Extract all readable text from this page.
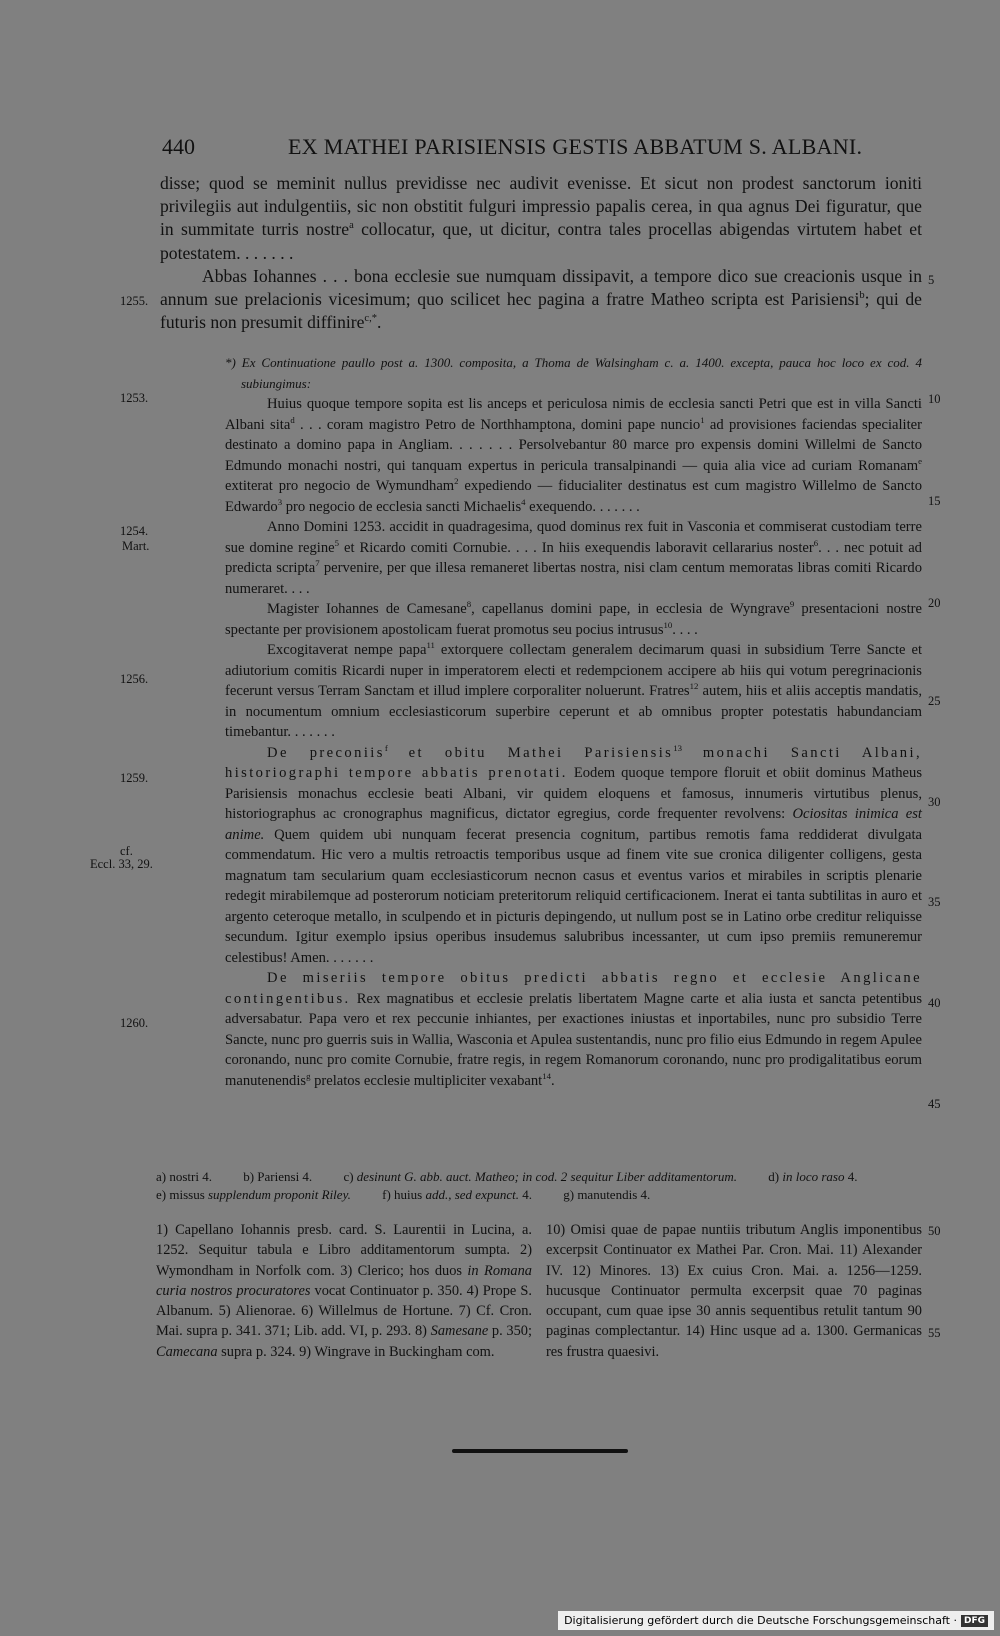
440	EX MATHEI PARISIENSIS GESTIS ABBATUM S. ALBANI.

disse; quod se meminit nullus previdisse nec audivit evenisse. Et sicut non prodest sanctorum ioniti privilegiis aut indulgentiis, sic non obstitit fulguri impressio papalis cerea, in qua agnus Dei figuratur, que in summitate turris nostre$^a$ collocatur, que, ut dicitur, contra tales procellas abigendas virtutem habet et potestatem. . . . . . .

Abbas Iohannes . . . bona ecclesie sue numquam dissipavit, a tempore dico sue creacionis usque in annum sue prelacionis vicesimum; quo scilicet hec pagina a fratre Matheo scripta est Parisiensi$^b$; qui de futuris non presumit diffinire$^{c,*}$.

1255.
1253.
1254.
Mart.
1256.
1259.
cf.
Eccl. 33, 29.
1260.
5
10
15
20
25
30
35
40
45
50
55

*) Ex Continuatione paullo post a. 1300. composita, a Thoma de Walsingham c. a. 1400. excepta, pauca hoc loco ex cod. 4 subiungimus:

Huius quoque tempore sopita est lis anceps et periculosa nimis de ecclesia sancti Petri que est in villa Sancti Albani sita$^d$ . . . coram magistro Petro de Northhamptona, domini pape nuncio$^1$ ad provisiones faciendas specialiter destinato a domino papa in Angliam. . . . . . . Persolvebantur 80 marce pro expensis domini Willelmi de Sancto Edmundo monachi nostri, qui tanquam expertus in pericula transalpinandi — quia alia vice ad curiam Romanam$^e$ extiterat pro negocio de Wymundham$^2$ expediendo — fiducialiter destinatus est cum magistro Willelmo de Sancto Edwardo$^3$ pro negocio de ecclesia sancti Michaelis$^4$ exequendo. . . . . . .

Anno Domini 1253. accidit in quadragesima, quod dominus rex fuit in Vasconia et commiserat custodiam terre sue domine regine$^5$ et Ricardo comiti Cornubie. . . . In hiis exequendis laboravit cellararius noster$^6$. . . nec potuit ad predicta scripta$^7$ pervenire, per que illesa remaneret libertas nostra, nisi clam centum memoratas libras comiti Ricardo numeraret. . . .

Magister Iohannes de Camesane$^8$, capellanus domini pape, in ecclesia de Wyngrave$^9$ presentacioni nostre spectante per provisionem apostolicam fuerat promotus seu pocius intrusus$^{10}$. . . .

Excogitaverat nempe papa$^{11}$ extorquere collectam generalem decimarum quasi in subsidium Terre Sancte et adiutorium comitis Ricardi nuper in imperatorem electi et redempcionem accipere ab hiis qui votum peregrinacionis fecerunt versus Terram Sanctam et illud implere corporaliter noluerunt. Fratres$^{12}$ autem, hiis et aliis acceptis mandatis, in nocumentum omnium ecclesiasticorum superbire ceperunt et ab omnibus propter potestatis habundanciam timebantur. . . . . . .

De preconiis$^f$ et obitu Mathei Parisiensis$^{13}$ monachi Sancti Albani, historiographi tempore abbatis prenotati. Eodem quoque tempore floruit et obiit dominus Matheus Parisiensis monachus ecclesie beati Albani, vir quidem eloquens et famosus, innumeris virtutibus plenus, historiographus ac cronographus magnificus, dictator egregius, corde frequenter revolvens: Ociositas inimica est anime. Quem quidem ubi nunquam fecerat presencia cognitum, partibus remotis fama reddiderat divulgata commendatum. Hic vero a multis retroactis temporibus usque ad finem vite sue cronica diligenter colligens, gesta magnatum tam secularium quam ecclesiasticorum necnon casus et eventus varios et mirabiles in scriptis plenarie redegit mirabilemque ad posterorum noticiam preteritorum reliquid certificacionem. Inerat ei tanta subtilitas in auro et argento ceteroque metallo, in sculpendo et in picturis depingendo, ut nullum post se in Latino orbe creditur reliquisse secundum. Igitur exemplo ipsius operibus insudemus salubribus incessanter, ut cum ipso premiis remuneremur celestibus! Amen. . . . . . .

De miseriis tempore obitus predicti abbatis regno et ecclesie Anglicane contingentibus. Rex magnatibus et ecclesie prelatis libertatem Magne carte et alia iusta et sancta petentibus adversabatur. Papa vero et rex peccunie inhiantes, per exactiones iniustas et inportabiles, nunc pro subsidio Terre Sancte, nunc pro guerris suis in Wallia, Wasconia et Apulea sustentandis, nunc pro filio eius Edmundo in regem Apulee coronando, nunc pro comite Cornubie, fratre regis, in regem Romanorum coronando, nunc pro prodigalitatibus eorum manutenendis$^g$ prelatos ecclesie multipliciter vexabant$^{14}$.

a) nostri 4. b) Pariensi 4. c) desinunt G. abb. auct. Matheo; in cod. 2 sequitur Liber additamentorum. d) in loco raso 4. e) missus supplendum proponit Riley. f) huius add., sed expunct. 4. g) manutendis 4.
1) Capellano Iohannis presb. card. S. Laurentii in Lucina, a. 1252. Sequitur tabula e Libro additamentorum sumpta. 2) Wymondham in Norfolk com. 3) Clerico; hos duos in Romana curia nostros procuratores vocat Continuator p. 350. 4) Prope S. Albanum. 5) Alienorae. 6) Willelmus de Hortune. 7) Cf. Cron. Mai. supra p. 341. 371; Lib. add. VI, p. 293. 8) Samesane p. 350; Camecana supra p. 324. 9) Wingrave in Buckingham com.
10) Omisi quae de papae nuntiis tributum Anglis imponentibus excerpsit Continuator ex Mathei Par. Cron. Mai. 11) Alexander IV. 12) Minores. 13) Ex cuius Cron. Mai. a. 1256—1259. hucusque Continuator permulta excerpsit quae 70 paginas occupant, cum quae ipse 30 annis sequentibus retulit tantum 90 paginas complectantur. 14) Hinc usque ad a. 1300. Germanicas res frustra quaesivi.
Digitalisierung gefördert durch die Deutsche Forschungsgemeinschaft · DFG
